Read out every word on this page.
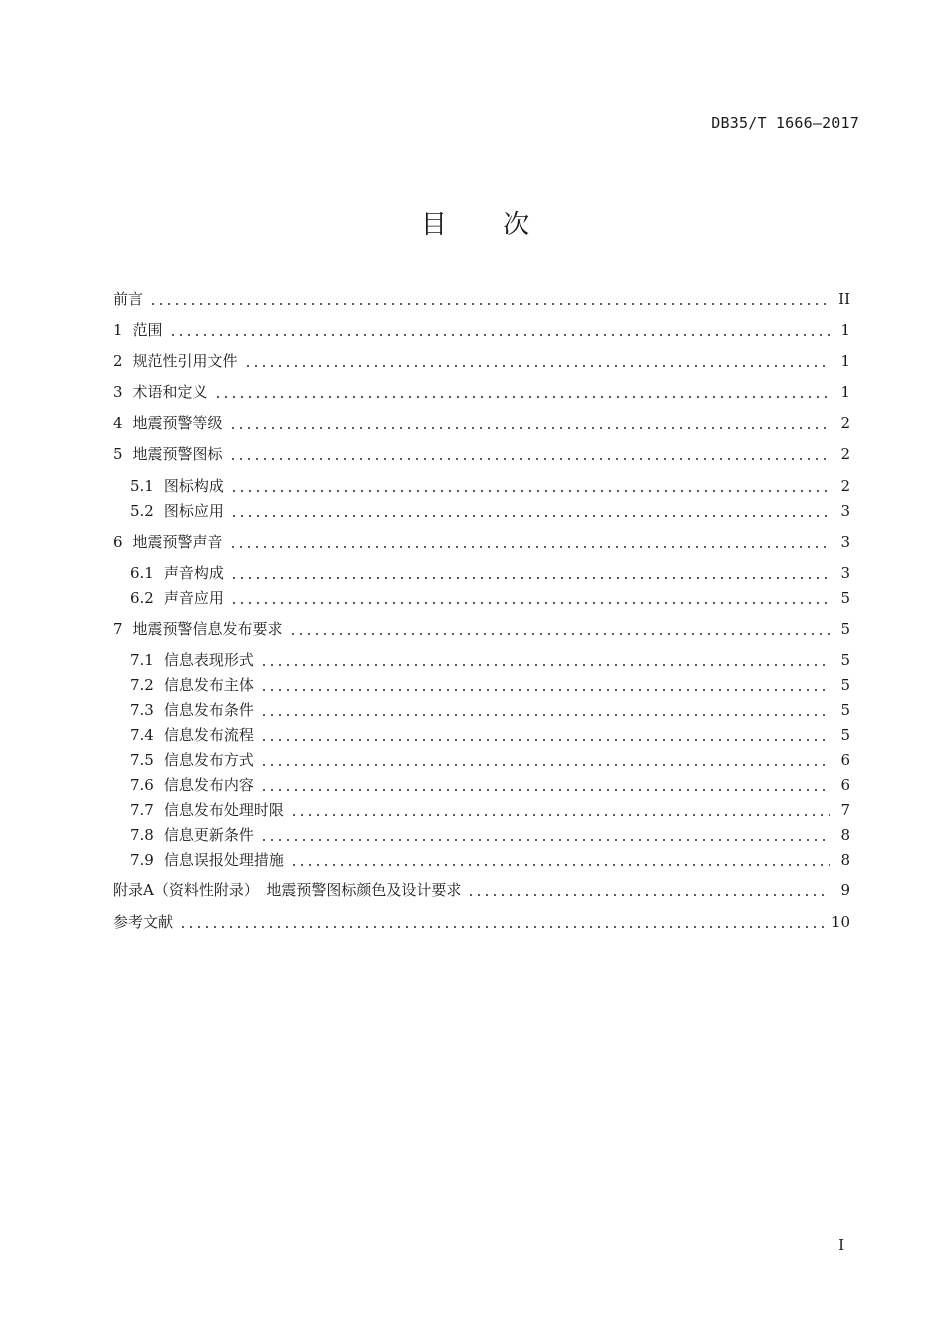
DB35/T 1666—2017
目 次
前言	II
1 范围	1
2 规范性引用文件	1
3 术语和定义	1
4 地震预警等级	2
5 地震预警图标	2
5.1 图标构成	2
5.2 图标应用	3
6 地震预警声音	3
6.1 声音构成	3
6.2 声音应用	5
7 地震预警信息发布要求	5
7.1 信息表现形式	5
7.2 信息发布主体	5
7.3 信息发布条件	5
7.4 信息发布流程	5
7.5 信息发布方式	6
7.6 信息发布内容	6
7.7 信息发布处理时限	7
7.8 信息更新条件	8
7.9 信息误报处理措施	8
附录A（资料性附录）　地震预警图标颜色及设计要求	9
参考文献	10
I
